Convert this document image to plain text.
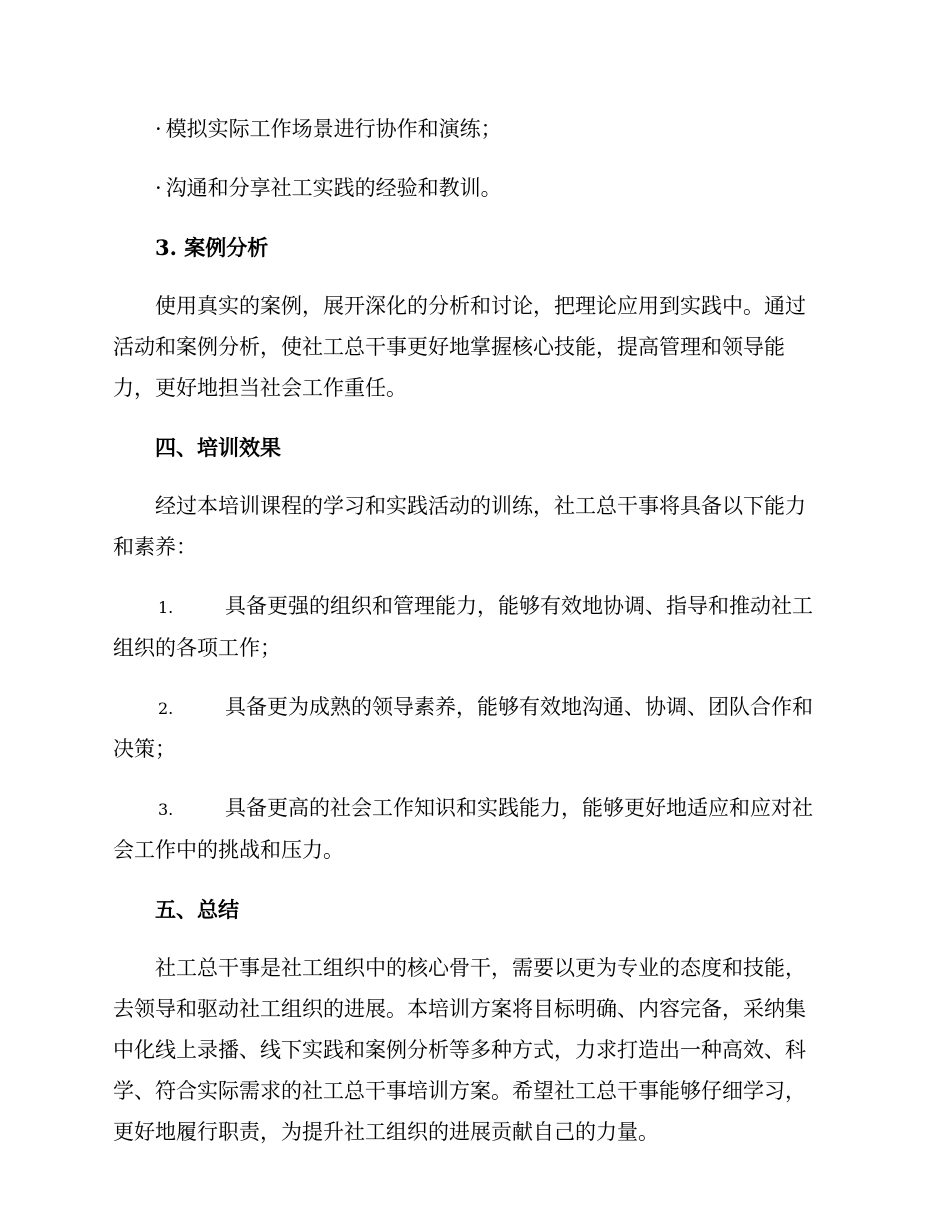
· 模拟实际工作场景进行协作和演练；
· 沟通和分享社工实践的经验和教训。
3. 案例分析
使用真实的案例，展开深化的分析和讨论，把理论应用到实践中。通过
活动和案例分析，使社工总干事更好地掌握核心技能，提高管理和领导能
力，更好地担当社会工作重任。
四、培训效果
经过本培训课程的学习和实践活动的训练，社工总干事将具备以下能力
和素养：
1.	具备更强的组织和管理能力，能够有效地协调、指导和推动社工
组织的各项工作；
2.	具备更为成熟的领导素养，能够有效地沟通、协调、团队合作和
决策；
3.	具备更高的社会工作知识和实践能力，能够更好地适应和应对社
会工作中的挑战和压力。
五、总结
社工总干事是社工组织中的核心骨干，需要以更为专业的态度和技能，
去领导和驱动社工组织的进展。本培训方案将目标明确、内容完备，采纳集
中化线上录播、线下实践和案例分析等多种方式，力求打造出一种高效、科
学、符合实际需求的社工总干事培训方案。希望社工总干事能够仔细学习，
更好地履行职责，为提升社工组织的进展贡献自己的力量。
